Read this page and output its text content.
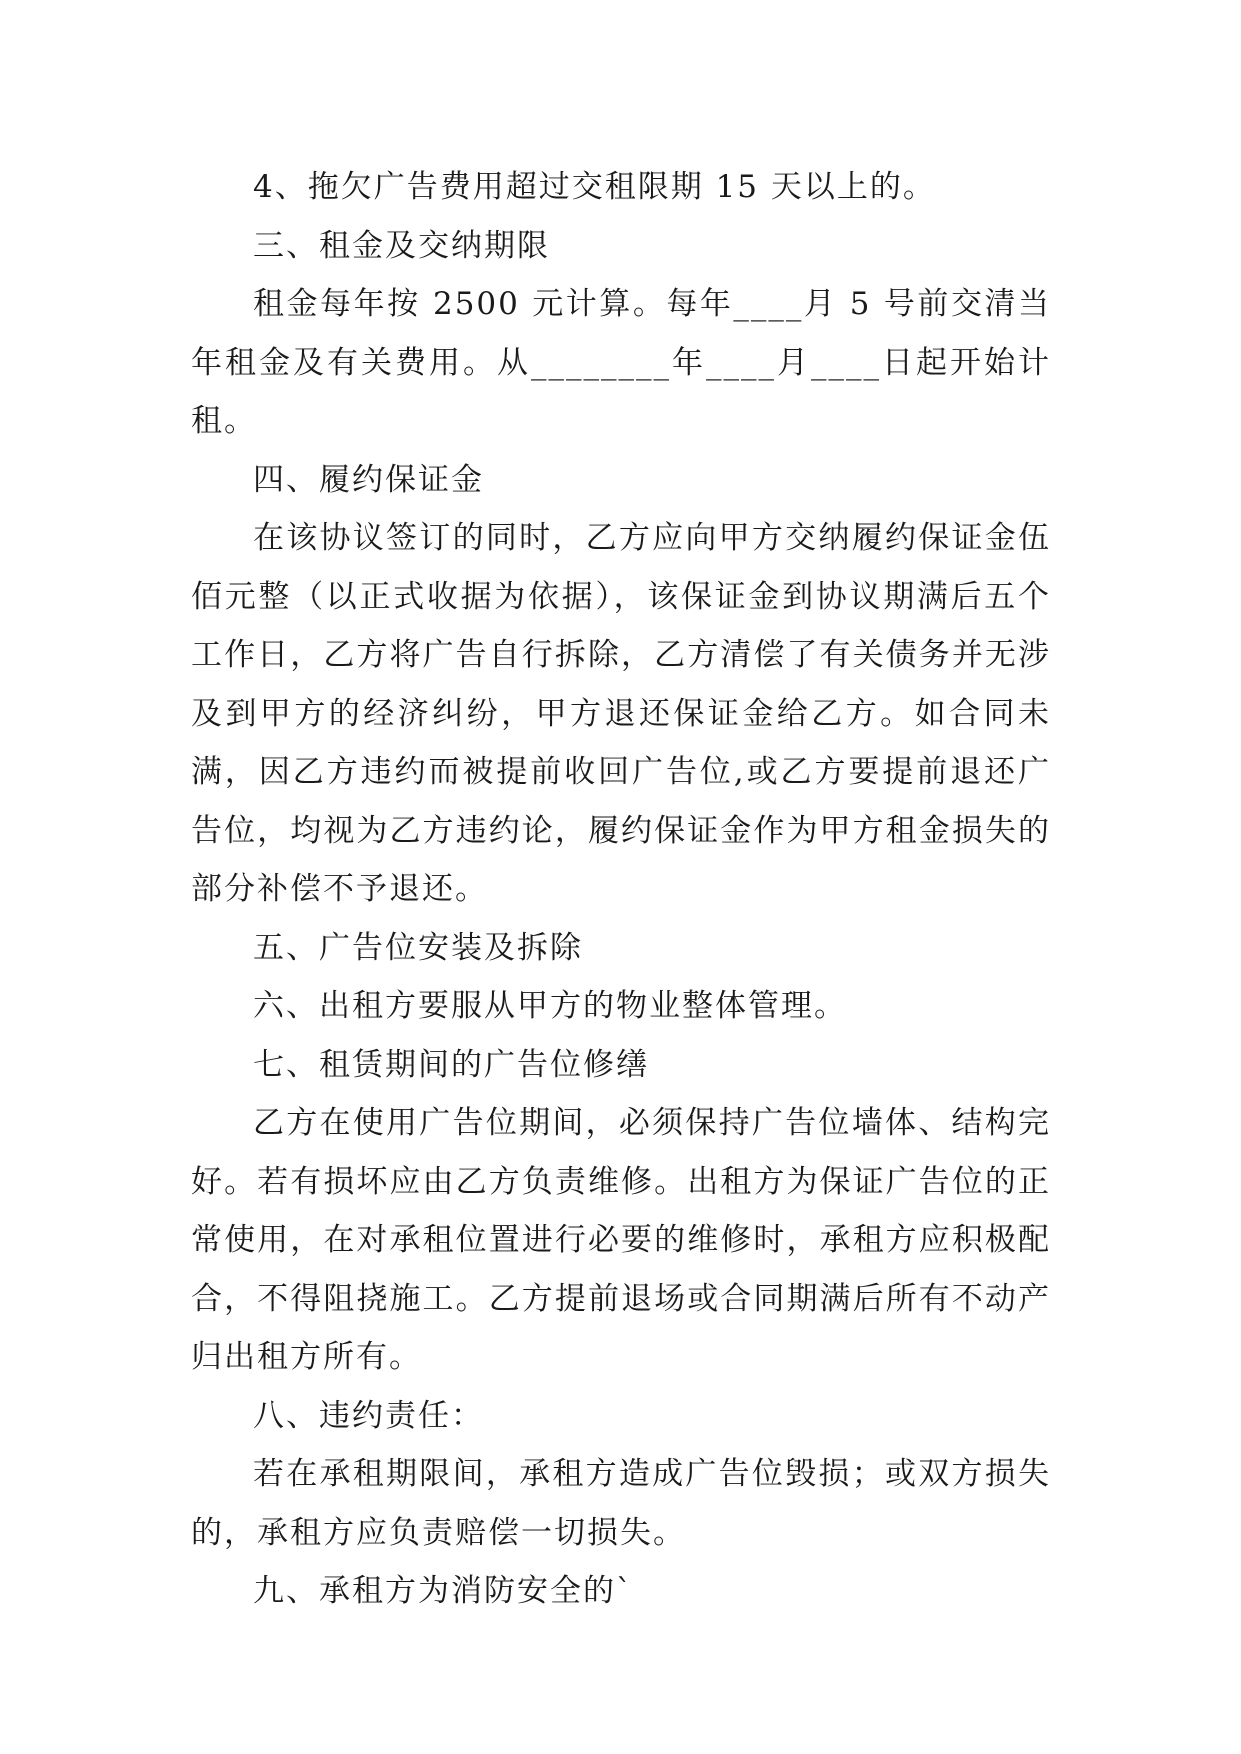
4、拖欠广告费用超过交租限期 15 天以上的。

三、租金及交纳期限

租金每年按 2500 元计算。每年____月 5 号前交清当年租金及有关费用。从________年____月____日起开始计租。

四、履约保证金

在该协议签订的同时，乙方应向甲方交纳履约保证金伍佰元整（以正式收据为依据），该保证金到协议期满后五个工作日，乙方将广告自行拆除，乙方清偿了有关债务并无涉及到甲方的经济纠纷，甲方退还保证金给乙方。如合同未满，因乙方违约而被提前收回广告位,或乙方要提前退还广告位，均视为乙方违约论，履约保证金作为甲方租金损失的部分补偿不予退还。

五、广告位安装及拆除

六、出租方要服从甲方的物业整体管理。

七、租赁期间的广告位修缮

乙方在使用广告位期间，必须保持广告位墙体、结构完好。若有损坏应由乙方负责维修。出租方为保证广告位的正常使用，在对承租位置进行必要的维修时，承租方应积极配合，不得阻挠施工。乙方提前退场或合同期满后所有不动产归出租方所有。

八、违约责任：

若在承租期限间，承租方造成广告位毁损；或双方损失的，承租方应负责赔偿一切损失。

九、承租方为消防安全的`
